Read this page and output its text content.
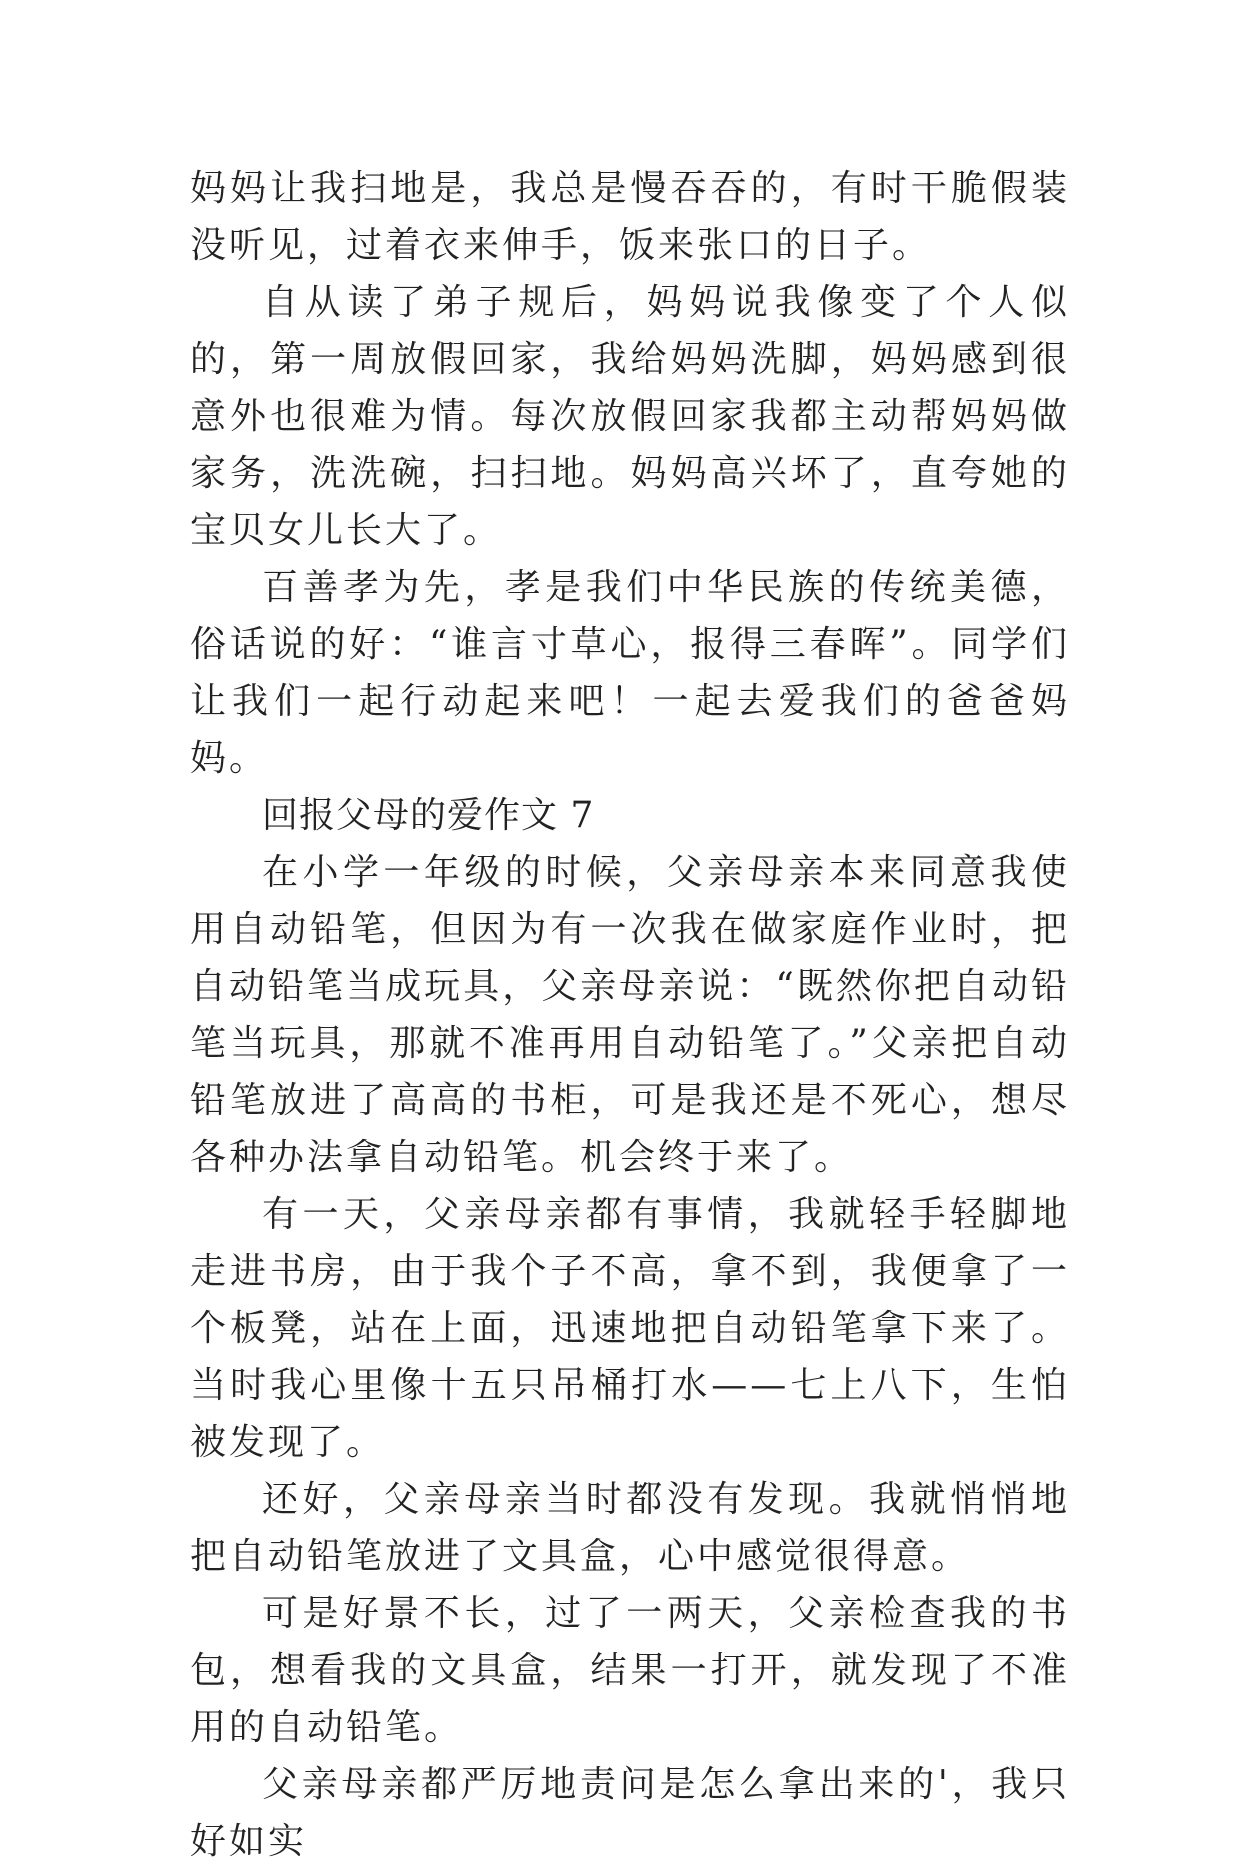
妈妈让我扫地是，我总是慢吞吞的，有时干脆假装没听见，过着衣来伸手，饭来张口的日子。

自从读了弟子规后，妈妈说我像变了个人似的，第一周放假回家，我给妈妈洗脚，妈妈感到很意外也很难为情。每次放假回家我都主动帮妈妈做家务，洗洗碗，扫扫地。妈妈高兴坏了，直夸她的宝贝女儿长大了。

百善孝为先，孝是我们中华民族的传统美德，俗话说的好：“谁言寸草心，报得三春晖”。同学们让我们一起行动起来吧！一起去爱我们的爸爸妈妈。

回报父母的爱作文 7

在小学一年级的时候，父亲母亲本来同意我使用自动铅笔，但因为有一次我在做家庭作业时，把自动铅笔当成玩具，父亲母亲说：“既然你把自动铅笔当玩具，那就不准再用自动铅笔了。”父亲把自动铅笔放进了高高的书柜，可是我还是不死心，想尽各种办法拿自动铅笔。机会终于来了。

有一天，父亲母亲都有事情，我就轻手轻脚地走进书房，由于我个子不高，拿不到，我便拿了一个板凳，站在上面，迅速地把自动铅笔拿下来了。当时我心里像十五只吊桶打水——七上八下，生怕被发现了。

还好，父亲母亲当时都没有发现。我就悄悄地把自动铅笔放进了文具盒，心中感觉很得意。

可是好景不长，过了一两天，父亲检查我的书包，想看我的文具盒，结果一打开，就发现了不准用的自动铅笔。

父亲母亲都严厉地责问是怎么拿出来的'，我只好如实
